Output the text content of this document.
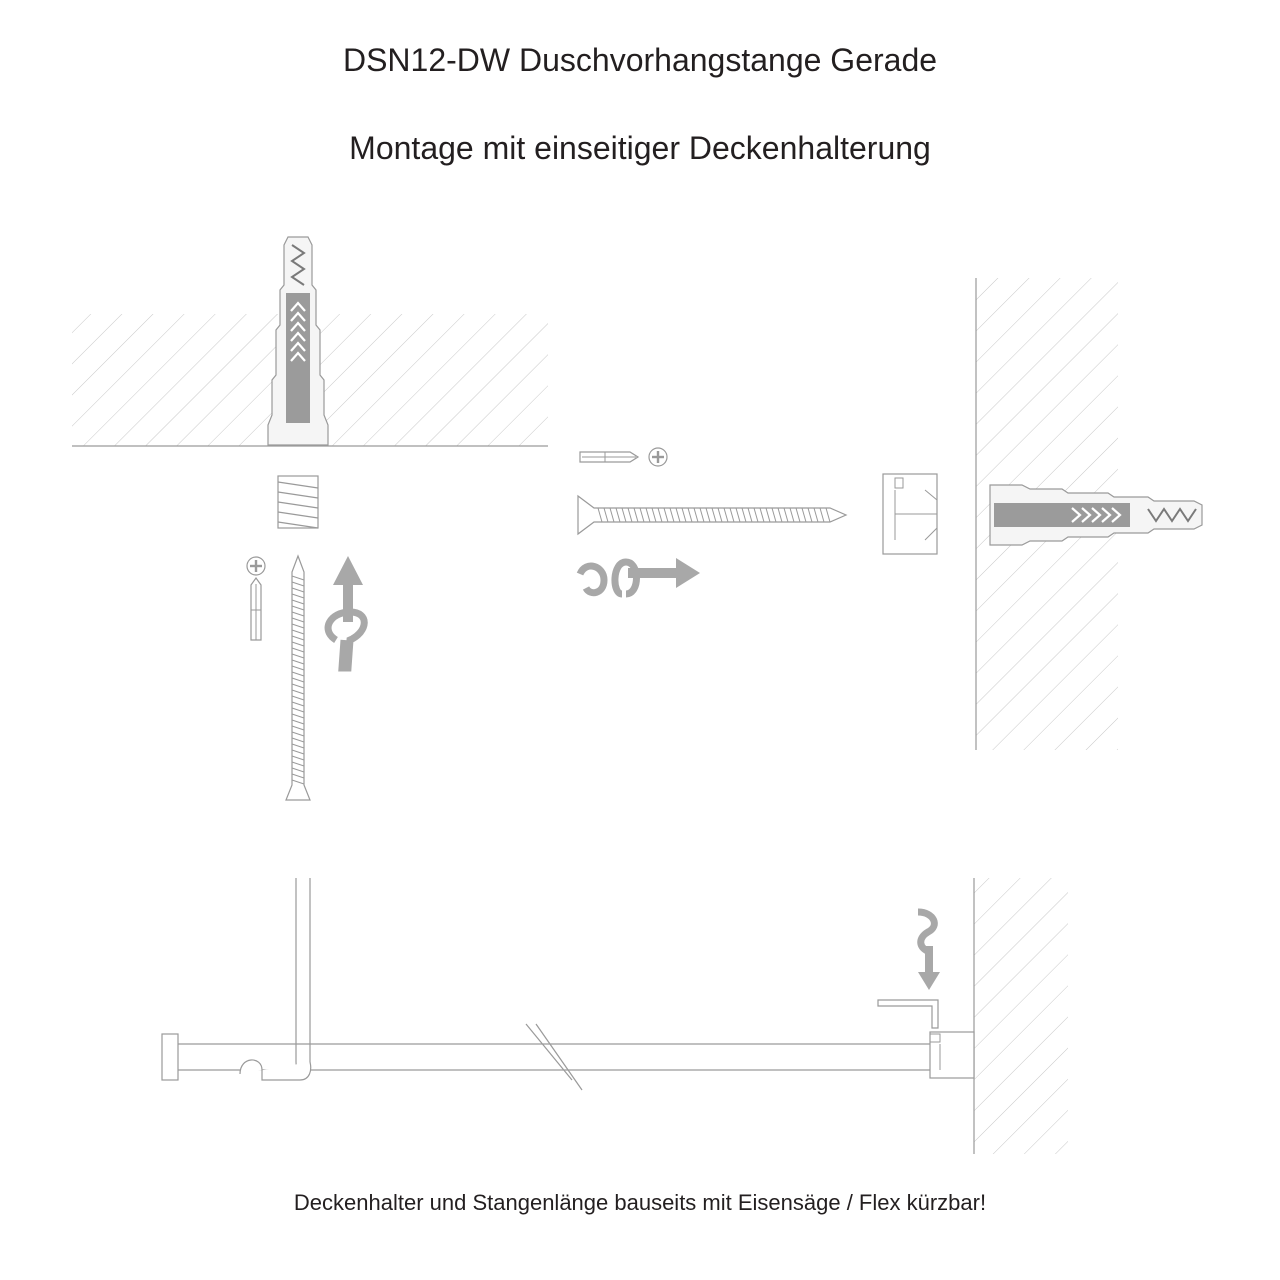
DSN12-DW Duschvorhangstange Gerade
Montage mit einseitiger Deckenhalterung

Deckenhalter und Stangenlänge bauseits mit Eisensäge / Flex kürzbar!
